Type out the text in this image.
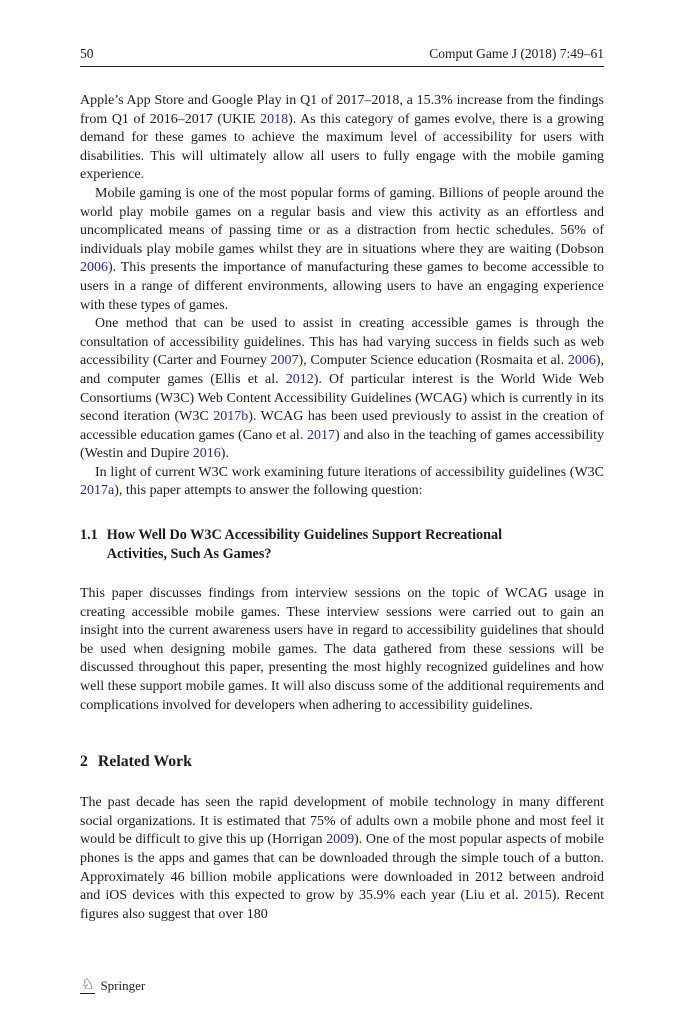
50	Comput Game J (2018) 7:49–61

Apple’s App Store and Google Play in Q1 of 2017–2018, a 15.3% increase from the findings from Q1 of 2016–2017 (UKIE 2018). As this category of games evolve, there is a growing demand for these games to achieve the maximum level of accessibility for users with disabilities. This will ultimately allow all users to fully engage with the mobile gaming experience.

Mobile gaming is one of the most popular forms of gaming. Billions of people around the world play mobile games on a regular basis and view this activity as an effortless and uncomplicated means of passing time or as a distraction from hectic schedules. 56% of individuals play mobile games whilst they are in situations where they are waiting (Dobson 2006). This presents the importance of manufacturing these games to become accessible to users in a range of different environments, allowing users to have an engaging experience with these types of games.

One method that can be used to assist in creating accessible games is through the consultation of accessibility guidelines. This has had varying success in fields such as web accessibility (Carter and Fourney 2007), Computer Science education (Rosmaita et al. 2006), and computer games (Ellis et al. 2012). Of particular interest is the World Wide Web Consortiums (W3C) Web Content Accessibility Guidelines (WCAG) which is currently in its second iteration (W3C 2017b). WCAG has been used previously to assist in the creation of accessible education games (Cano et al. 2017) and also in the teaching of games accessibility (Westin and Dupire 2016).

In light of current W3C work examining future iterations of accessibility guidelines (W3C 2017a), this paper attempts to answer the following question:

1.1 How Well Do W3C Accessibility Guidelines Support Recreational
Activities, Such As Games?

This paper discusses findings from interview sessions on the topic of WCAG usage in creating accessible mobile games. These interview sessions were carried out to gain an insight into the current awareness users have in regard to accessibility guidelines that should be used when designing mobile games. The data gathered from these sessions will be discussed throughout this paper, presenting the most highly recognized guidelines and how well these support mobile games. It will also discuss some of the additional requirements and complications involved for developers when adhering to accessibility guidelines.

2 Related Work

The past decade has seen the rapid development of mobile technology in many different social organizations. It is estimated that 75% of adults own a mobile phone and most feel it would be difficult to give this up (Horrigan 2009). One of the most popular aspects of mobile phones is the apps and games that can be downloaded through the simple touch of a button. Approximately 46 billion mobile applications were downloaded in 2012 between android and iOS devices with this expected to grow by 35.9% each year (Liu et al. 2015). Recent figures also suggest that over 180

♘ Springer
